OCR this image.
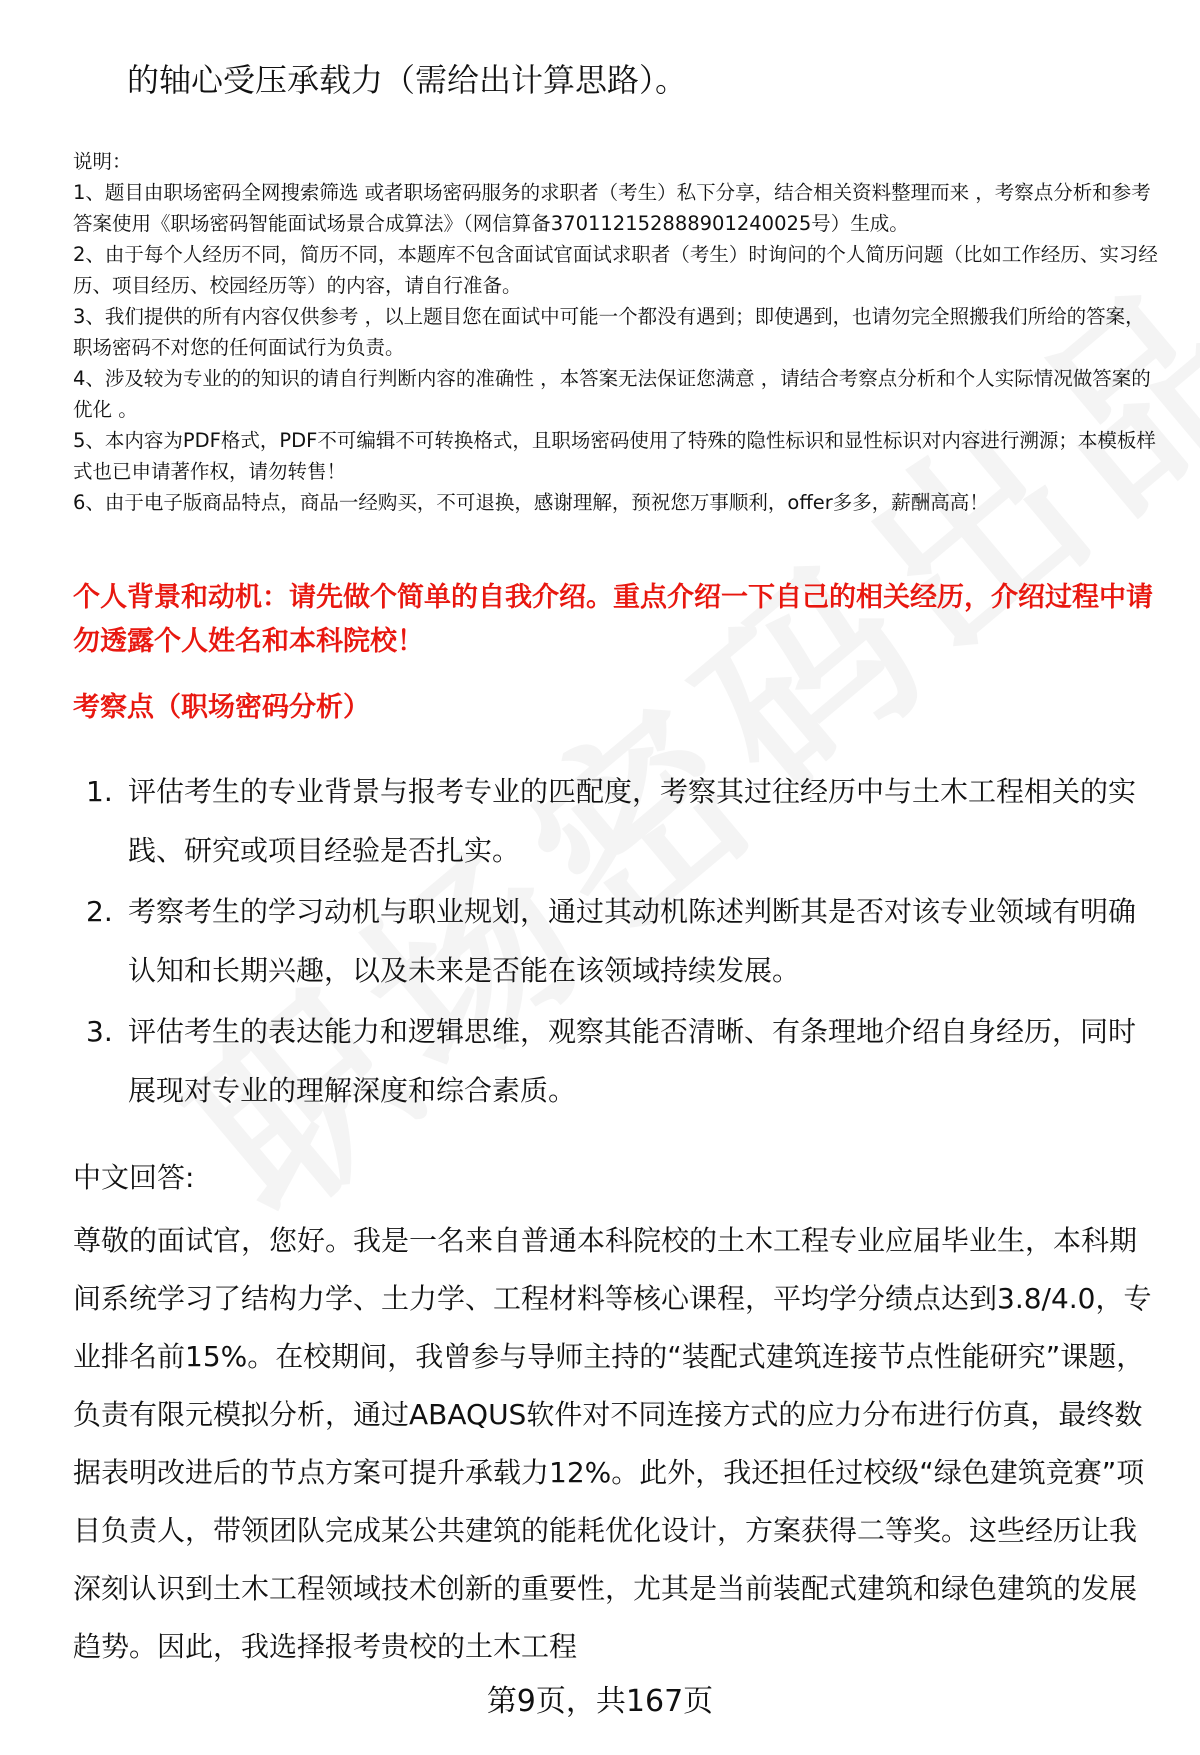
的轴心受压承载力（需给出计算思路）。

说明：

1、题目由职场密码全网搜索筛选 或者职场密码服务的求职者（考生）私下分享，结合相关资料整理而来 ，考察点分析和参考答案使用《职场密码智能面试场景合成算法》（网信算备370112152888901240025号）生成。

2、由于每个人经历不同，简历不同，本题库不包含面试官面试求职者（考生）时询问的个人简历问题（比如工作经历、实习经历、项目经历、校园经历等）的内容，请自行准备。

3、我们提供的所有内容仅供参考 ，以上题目您在面试中可能一个都没有遇到；即使遇到，也请勿完全照搬我们所给的答案，职场密码不对您的任何面试行为负责。

4、涉及较为专业的的知识的请自行判断内容的准确性 ，本答案无法保证您满意 ，请结合考察点分析和个人实际情况做答案的优化 。

5、本内容为PDF格式，PDF不可编辑不可转换格式，且职场密码使用了特殊的隐性标识和显性标识对内容进行溯源；本模板样式也已申请著作权，请勿转售！

6、由于电子版商品特点，商品一经购买，不可退换，感谢理解，预祝您万事顺利，offer多多，薪酬高高！

个人背景和动机：请先做个简单的自我介绍。重点介绍一下自己的相关经历，介绍过程中请勿透露个人姓名和本科院校！
考察点（职场密码分析）
1. 评估考生的专业背景与报考专业的匹配度，考察其过往经历中与土木工程相关的实践、研究或项目经验是否扎实。
2. 考察考生的学习动机与职业规划，通过其动机陈述判断其是否对该专业领域有明确认知和长期兴趣，以及未来是否能在该领域持续发展。
3. 评估考生的表达能力和逻辑思维，观察其能否清晰、有条理地介绍自身经历，同时展现对专业的理解深度和综合素质。
中文回答:
尊敬的面试官，您好。我是一名来自普通本科院校的土木工程专业应届毕业生，本科期间系统学习了结构力学、土力学、工程材料等核心课程，平均学分绩点达到3.8/4.0，专业排名前15%。在校期间，我曾参与导师主持的“装配式建筑连接节点性能研究”课题，负责有限元模拟分析，通过ABAQUS软件对不同连接方式的应力分布进行仿真，最终数据表明改进后的节点方案可提升承载力12%。此外，我还担任过校级“绿色建筑竞赛”项目负责人，带领团队完成某公共建筑的能耗优化设计，方案获得二等奖。这些经历让我深刻认识到土木工程领域技术创新的重要性，尤其是当前装配式建筑和绿色建筑的发展趋势。因此，我选择报考贵校的土木工程
第9页，共167页
